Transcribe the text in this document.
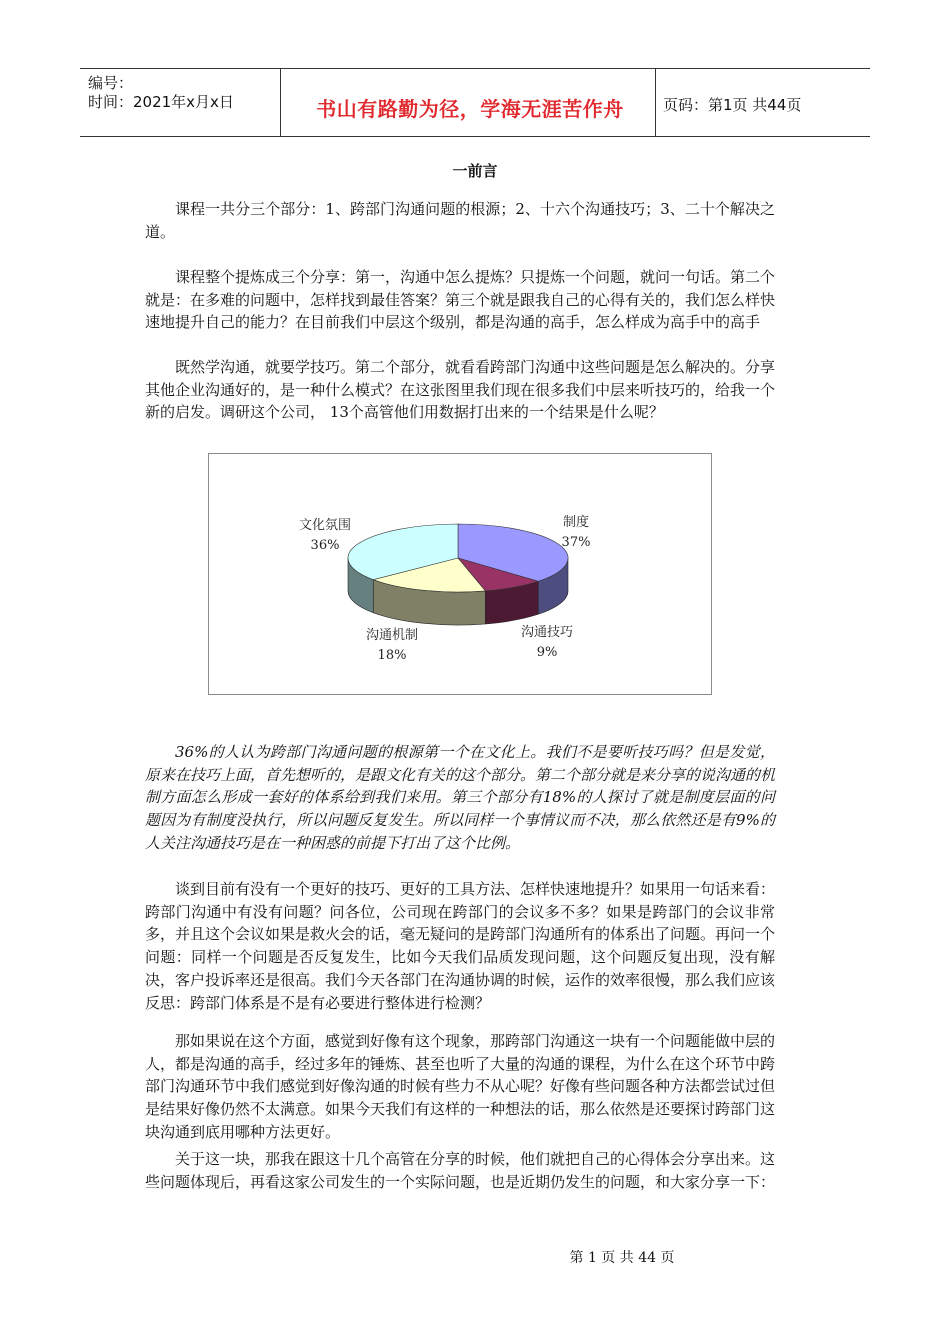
编号：
时间：2021年x月x日	书山有路勤为径，学海无涯苦作舟	页码：第1页 共44页
一前言

课程一共分三个部分：1、跨部门沟通问题的根源；2、十六个沟通技巧；3、二十个解决之道。

课程整个提炼成三个分享：第一，沟通中怎么提炼？只提炼一个问题，就问一句话。第二个就是：在多难的问题中，怎样找到最佳答案？第三个就是跟我自己的心得有关的，我们怎么样快速地提升自己的能力？在目前我们中层这个级别，都是沟通的高手，怎么样成为高手中的高手

既然学沟通，就要学技巧。第二个部分，就看看跨部门沟通中这些问题是怎么解决的。分享其他企业沟通好的，是一种什么模式？在这张图里我们现在很多我们中层来听技巧的，给我一个新的启发。调研这个公司， 13个高管他们用数据打出来的一个结果是什么呢？

制度
37%
沟通技巧
9%
沟通机制
18%
文化氛围
36%

36%的人认为跨部门沟通问题的根源第一个在文化上。我们不是要听技巧吗？但是发觉，原来在技巧上面，首先想听的，是跟文化有关的这个部分。第二个部分就是来分享的说沟通的机制方面怎么形成一套好的体系给到我们来用。第三个部分有18%的人探讨了就是制度层面的问题因为有制度没执行，所以问题反复发生。所以同样一个事情议而不决，那么依然还是有9%的人关注沟通技巧是在一种困惑的前提下打出了这个比例。

谈到目前有没有一个更好的技巧、更好的工具方法、怎样快速地提升？如果用一句话来看：跨部门沟通中有没有问题？问各位，公司现在跨部门的会议多不多？如果是跨部门的会议非常多，并且这个会议如果是救火会的话，毫无疑问的是跨部门沟通所有的体系出了问题。再问一个问题：同样一个问题是否反复发生，比如今天我们品质发现问题，这个问题反复出现，没有解决，客户投诉率还是很高。我们今天各部门在沟通协调的时候，运作的效率很慢，那么我们应该反思：跨部门体系是不是有必要进行整体进行检测？

那如果说在这个方面，感觉到好像有这个现象，那跨部门沟通这一块有一个问题能做中层的人，都是沟通的高手，经过多年的锤炼、甚至也听了大量的沟通的课程，为什么在这个环节中跨部门沟通环节中我们感觉到好像沟通的时候有些力不从心呢？好像有些问题各种方法都尝试过但是结果好像仍然不太满意。如果今天我们有这样的一种想法的话，那么依然是还要探讨跨部门这块沟通到底用哪种方法更好。

关于这一块，那我在跟这十几个高管在分享的时候，他们就把自己的心得体会分享出来。这些问题体现后，再看这家公司发生的一个实际问题，也是近期仍发生的问题，和大家分享一下：

第 1 页 共 44 页
